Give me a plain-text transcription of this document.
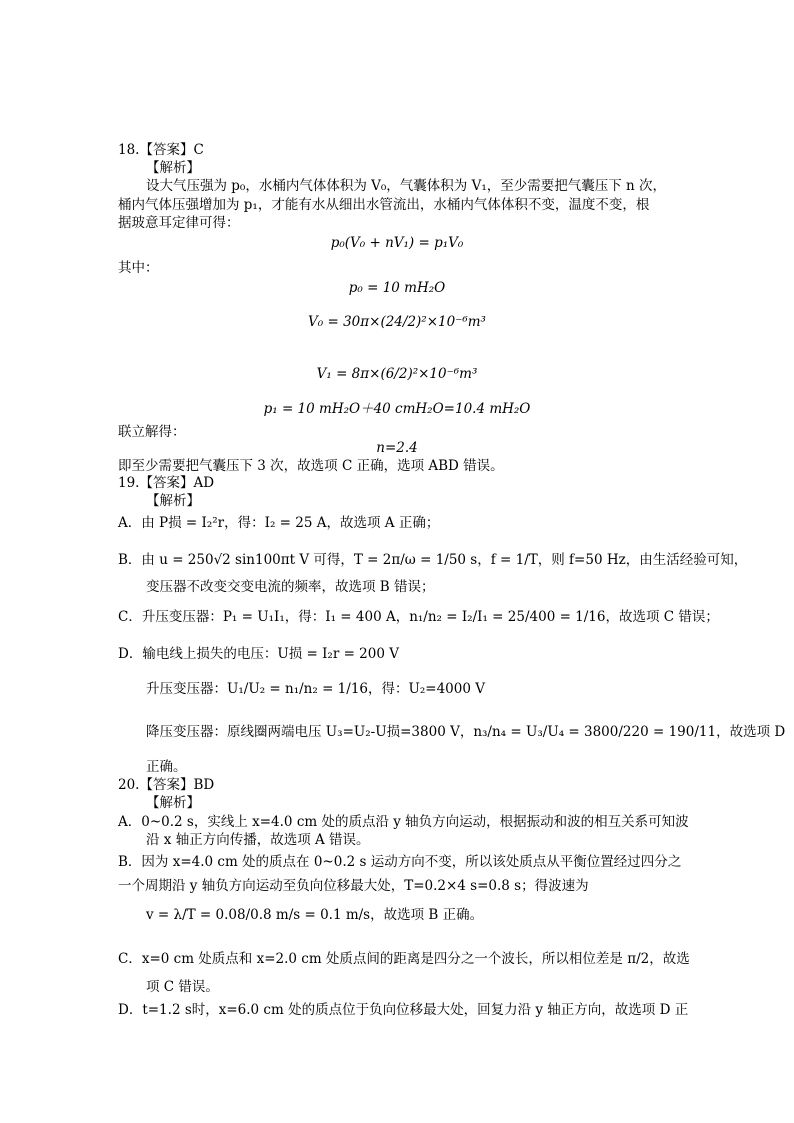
18.【答案】C
【解析】
设大气压强为 p₀，水桶内气体体积为 V₀，气囊体积为 V₁，至少需要把气囊压下 n 次，
桶内气体压强增加为 p₁，才能有水从细出水管流出，水桶内气体体积不变，温度不变，根
据玻意耳定律可得：
p₀(V₀ + nV₁) = p₁V₀
其中：
p₀ = 10 mH₂O
V₀ = 30π×(24/2)²×10⁻⁶m³
V₁ = 8π×(6/2)²×10⁻⁶m³
p₁ = 10 mH₂O＋40 cmH₂O=10.4 mH₂O
联立解得：
n=2.4
即至少需要把气囊压下 3 次，故选项 C 正确，选项 ABD 错误。
19.【答案】AD
【解析】
A．由 P损 = I₂²r，得：I₂ = 25 A，故选项 A 正确；
B．由 u = 250√2 sin100πt V 可得，T = 2π/ω = 1/50 s，f = 1/T，则 f=50 Hz，由生活经验可知，
变压器不改变交变电流的频率，故选项 B 错误；
C．升压变压器：P₁ = U₁I₁，得：I₁ = 400 A，n₁/n₂ = I₂/I₁ = 25/400 = 1/16，故选项 C 错误；
D．输电线上损失的电压：U损 = I₂r = 200 V
升压变压器：U₁/U₂ = n₁/n₂ = 1/16，得：U₂=4000 V
降压变压器：原线圈两端电压 U₃=U₂-U损=3800 V，n₃/n₄ = U₃/U₄ = 3800/220 = 190/11，故选项 D
正确。
20.【答案】BD
【解析】
A．0~0.2 s，实线上 x=4.0 cm 处的质点沿 y 轴负方向运动，根据振动和波的相互关系可知波
沿 x 轴正方向传播，故选项 A 错误。
B．因为 x=4.0 cm 处的质点在 0~0.2 s 运动方向不变，所以该处质点从平衡位置经过四分之
一个周期沿 y 轴负方向运动至负向位移最大处，T=0.2×4 s=0.8 s；得波速为
v = λ/T = 0.08/0.8 m/s = 0.1 m/s，故选项 B 正确。
C．x=0 cm 处质点和 x=2.0 cm 处质点间的距离是四分之一个波长，所以相位差是 π/2，故选
项 C 错误。
D．t=1.2 s时，x=6.0 cm 处的质点位于负向位移最大处，回复力沿 y 轴正方向，故选项 D 正
